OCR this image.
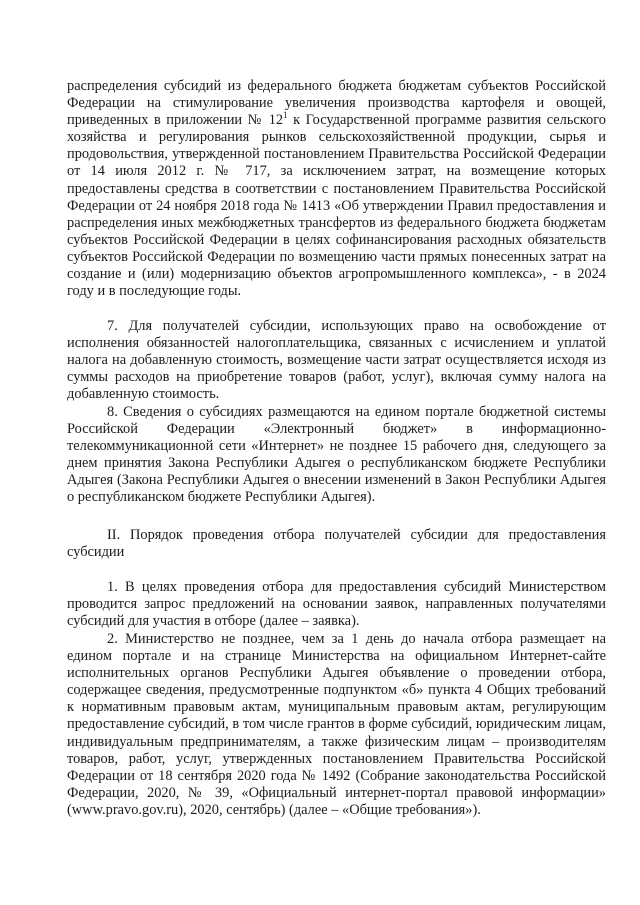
распределения субсидий из федерального бюджета бюджетам субъектов Российской Федерации на стимулирование увеличения производства картофеля и овощей, приведенных в приложении № $12^1$ к Государственной программе развития сельского хозяйства и регулирования рынков сельскохозяйственной продукции, сырья и продовольствия, утвержденной постановлением Правительства Российской Федерации от 14 июля 2012 г. № 717, за исключением затрат, на возмещение которых предоставлены средства в соответствии с постановлением Правительства Российской Федерации от 24 ноября 2018 года № 1413 «Об утверждении Правил предоставления и распределения иных межбюджетных трансфертов из федерального бюджета бюджетам субъектов Российской Федерации в целях софинансирования расходных обязательств субъектов Российской Федерации по возмещению части прямых понесенных затрат на создание и (или) модернизацию объектов агропромышленного комплекса», - в 2024 году и в последующие годы.

7. Для получателей субсидии, использующих право на освобождение от исполнения обязанностей налогоплательщика, связанных с исчислением и уплатой налога на добавленную стоимость, возмещение части затрат осуществляется исходя из суммы расходов на приобретение товаров (работ, услуг), включая сумму налога на добавленную стоимость.

8. Сведения о субсидиях размещаются на едином портале бюджетной системы Российской Федерации «Электронный бюджет» в информационно-телекоммуникационной сети «Интернет» не позднее 15 рабочего дня, следующего за днем принятия Закона Республики Адыгея о республиканском бюджете Республики Адыгея (Закона Республики Адыгея о внесении изменений в Закон Республики Адыгея о республиканском бюджете Республики Адыгея).

II. Порядок проведения отбора получателей субсидии для предоставления субсидии

1. В целях проведения отбора для предоставления субсидий Министерством проводится запрос предложений на основании заявок, направленных получателями субсидий для участия в отборе (далее – заявка).

2. Министерство не позднее, чем за 1 день до начала отбора размещает на едином портале и на странице Министерства на официальном Интернет-сайте исполнительных органов Республики Адыгея объявление о проведении отбора, содержащее сведения, предусмотренные подпунктом «б» пункта 4 Общих требований к нормативным правовым актам, муниципальным правовым актам, регулирующим предоставление субсидий, в том числе грантов в форме субсидий, юридическим лицам, индивидуальным предпринимателям, а также физическим лицам – производителям товаров, работ, услуг, утвержденных постановлением Правительства Российской Федерации от 18 сентября 2020 года № 1492 (Собрание законодательства Российской Федерации, 2020, № 39, «Официальный интернет-портал правовой информации» (www.pravo.gov.ru), 2020, сентябрь) (далее – «Общие требования»).
